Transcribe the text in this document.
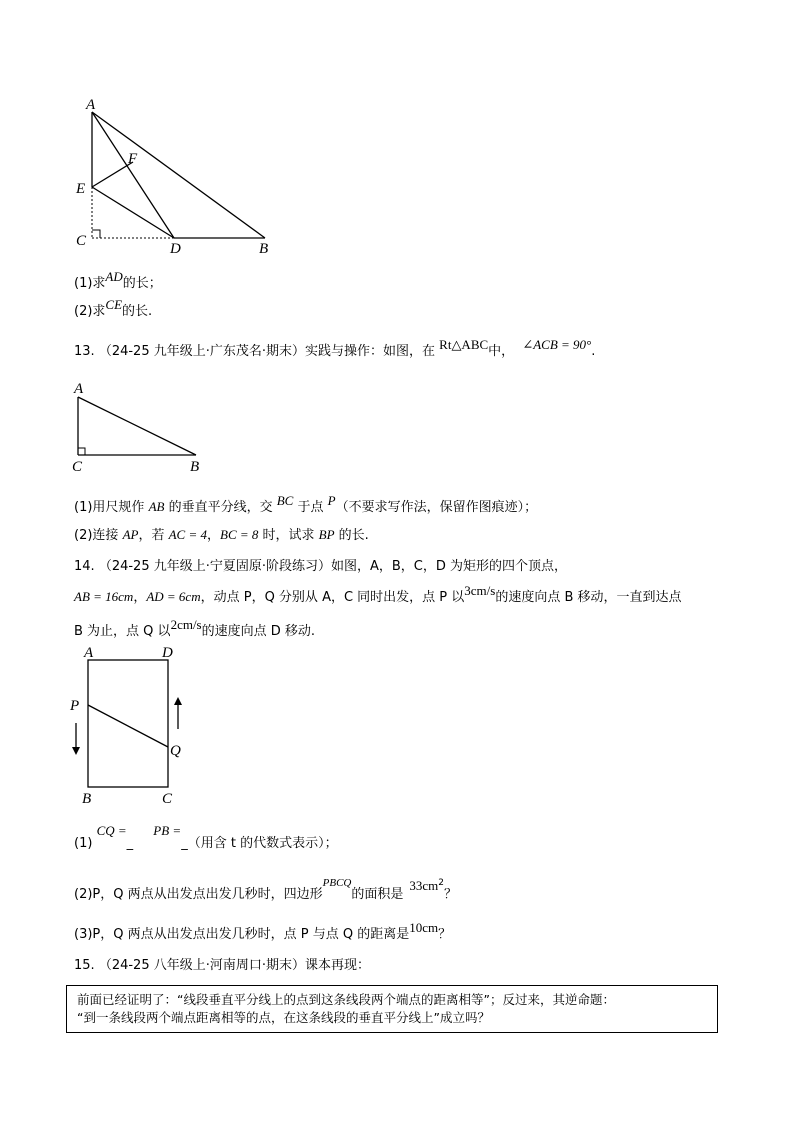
A
F
E
C	D	B
(1)求AD的长；
(2)求CE的长.
13. （24-25 九年级上·广东茂名·期末）实践与操作：如图，在 Rt△ABC中， ∠ACB = 90°.
A
C	B
(1)用尺规作 AB 的垂直平分线，交 BC 于点 P（不要求写作法，保留作图痕迹）；
(2)连接 AP，若 AC = 4，BC = 8 时，试求 BP 的长.
14. （24-25 九年级上·宁夏固原·阶段练习）如图，A，B，C，D 为矩形的四个顶点，
AB = 16cm，AD = 6cm，动点 P，Q 分别从 A，C 同时出发，点 P 以3cm/s的速度向点 B 移动，一直到达点
B 为止，点 Q 以2cm/s的速度向点 D 移动.
A	D
P
Q
B	C
(1) CQ =_ PB =_（用含 t 的代数式表示）；
(2)P，Q 两点从出发点出发几秒时，四边形$^{PBCQ}$的面积是$33cm^2$？
(3)P，Q 两点从出发点出发几秒时，点 P 与点 Q 的距离是10cm？
15. （24-25 八年级上·河南周口·期末）课本再现：
前面已经证明了：“线段垂直平分线上的点到这条线段两个端点的距离相等”；反过来，其逆命题：
“到一条线段两个端点距离相等的点，在这条线段的垂直平分线上”成立吗？
